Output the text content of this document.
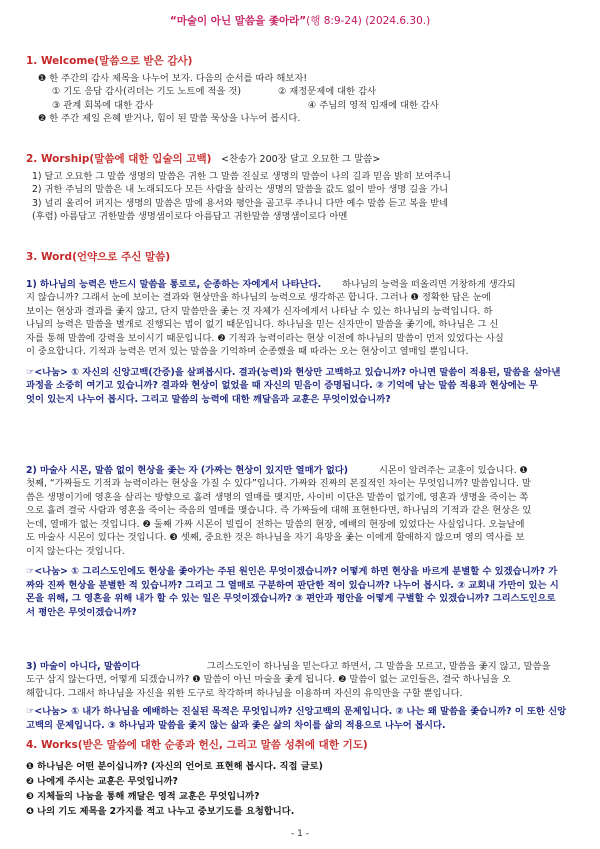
“마술이 아닌 말씀을 좇아라”(행 8:9-24) (2024.6.30.)
1. Welcome(말씀으로 받은 감사)
❶ 한 주간의 감사 제목을 나누어 보자. 다음의 순서를 따라 해보자!
① 기도 응답 감사(리더는 기도 노트에 적을 것)	② 재정문제에 대한 감사
③ 관계 회복에 대한 감사	④ 주님의 영적 임재에 대한 감사
❷ 한 주간 제일 은혜 받거나, 힘이 된 말씀 묵상을 나누어 봅시다.
2. Worship(말씀에 대한 입술의 고백) <찬송가 200장 달고 오묘한 그 말씀>
1) 달고 오묘한 그 말씀 생명의 말씀은 귀한 그 말씀 진실로 생명의 말씀이 나의 길과 믿음 밝히 보여주니
2) 귀한 주님의 말씀은 내 노래되도다 모든 사람을 살리는 생명의 말씀을 값도 없이 받아 생명 길을 가니
3) 널리 울리어 퍼지는 생명의 말씀은 맘에 용서와 평안을 골고루 주나니 다만 예수 말씀 듣고 복을 받네
(후렴) 아름답고 귀한말씀 생명샘이로다 아름답고 귀한말씀 생명샘이로다 아멘
3. Word(언약으로 주신 말씀)
1) 하나님의 능력은 반드시 말씀을 통로로, 순종하는 자에게서 나타난다. 하나님의 능력을 떠올리면 거창하게 생각되
지 않습니까? 그래서 눈에 보이는 결과와 현상만을 하나님의 능력으로 생각하곤 합니다. 그러나 ❶ 정확한 답은 눈에
보이는 현상과 결과를 좇지 않고, 단지 말씀만을 좇는 것 자체가 신자에게서 나타날 수 있는 하나님의 능력입니다. 하
나님의 능력은 말씀을 별개로 진행되는 법이 없기 때문입니다. 하나님을 믿는 신자만이 말씀을 좇기에, 하나님은 그 신
자를 통해 말씀에 강력을 보이시기 때문입니다. ❷ 기적과 능력이라는 현상 이전에 하나님의 말씀이 먼저 있었다는 사실
이 중요합니다. 기적과 능력은 먼저 있는 말씀을 기억하며 순종했을 때 따라는 오는 현상이고 열매일 뿐입니다.
☞<나눔> ① 자신의 신앙고백(간증)을 살펴봅시다. 결과(능력)와 현상만 고백하고 있습니까? 아니면 말씀이 적용된, 말씀을 살아낸
과정을 소중히 여기고 있습니까? 결과와 현상이 없었을 때 자신의 믿음이 증명됩니다. ② 기억에 남는 말씀 적용과 현상에는 무
엇이 있는지 나누어 봅시다. 그리고 말씀의 능력에 대한 깨달음과 교훈은 무엇이었습니까?
2) 마술사 시몬, 말씀 없이 현상을 좇는 자 (가짜는 현상이 있지만 열매가 없다)	시몬이 알려주는 교훈이 있습니다. ❶
첫째, “가짜들도 기적과 능력이라는 현상을 가질 수 있다”입니다. 가짜와 진짜의 본질적인 차이는 무엇입니까? 말씀입니다. 말
씀은 생명이기에 영혼을 살리는 방향으로 흘려 생명의 열매를 맺지만, 사이비 이단은 말씀이 없기에, 영혼과 생명을 죽이는 쪽
으로 흘려 결국 사람과 영혼을 죽이는 죽음의 열매를 맺습니다. 즉 가짜들에 대해 표현한다면, 하나님의 기적과 같은 현상은 있
는데, 열매가 없는 것입니다. ❷ 둘째 가짜 시몬이 빌립이 전하는 말씀의 현장, 예배의 현장에 있었다는 사실입니다. 오늘날에
도 마술사 시몬이 있다는 것입니다. ❸ 셋째, 중요한 것은 하나님을 자기 욕망을 좇는 이에게 할애하지 않으며 영의 역사를 보
이지 않는다는 것입니다.
☞<나눔> ① 그리스도인에도 현상을 좇아가는 주된 원인은 무엇이겠습니까? 어떻게 하면 현상을 바르게 분별할 수 있겠습니까? 가
짜와 진짜 현상을 분별한 적 있습니까? 그리고 그 열매로 구분하여 판단한 적이 있습니까? 나누어 봅시다. ② 교회내 가만이 있는 시
몬을 위해, 그 영혼을 위해 내가 할 수 있는 일은 무엇이겠습니까? ③ 편안과 평안을 어떻게 구별할 수 있겠습니까? 그리스도인으로
서 평안은 무엇이겠습니까?
3) 마술이 아니다, 말씀이다	그리스도인이 하나님을 믿는다고 하면서, 그 말씀을 모르고, 말씀을 좇지 않고, 말씀을
도구 삼지 않는다면, 어떻게 되겠습니까? ❶ 말씀이 아닌 마술을 좇게 됩니다. ❷ 말씀이 없는 교인들은, 결국 하나님을 오
해합니다. 그래서 하나님을 자신을 위한 도구로 착각하며 하나님을 이용하며 자신의 유익만을 구할 뿐입니다.
☞<나눔> ① 내가 하나님을 예배하는 진실된 목적은 무엇입니까? 신앙고백의 문제입니다. ② 나는 왜 말씀을 좇습니까? 이 또한 신앙
고백의 문제입니다. ③ 하나님과 말씀을 좇지 않는 삶과 좇은 삶의 차이를 삶의 적용으로 나누어 봅시다.
4. Works(받은 말씀에 대한 순종과 헌신, 그리고 말씀 성취에 대한 기도)
❶ 하나님은 어떤 분이십니까? (자신의 언어로 표현해 봅시다. 직접 글로)
❷ 나에게 주시는 교훈은 무엇입니까?
❸ 지체들의 나눔을 통해 깨달은 영적 교훈은 무엇입니까?
❹ 나의 기도 제목을 2가지를 적고 나누고 중보기도를 요청합니다.
- 1 -
